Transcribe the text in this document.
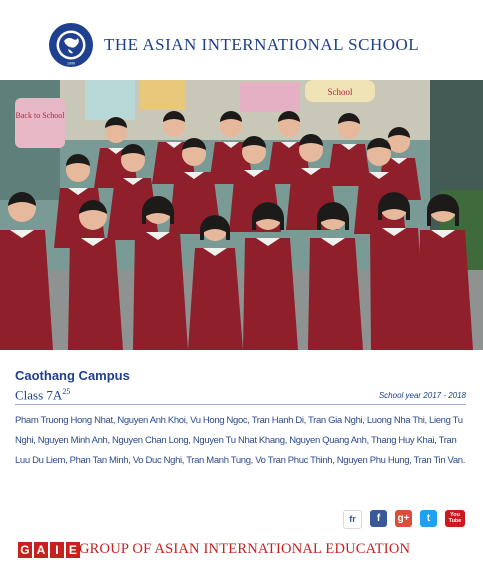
1999
THE ASIAN INTERNATIONAL SCHOOL
Back to School
School
Caothang Campus
Class $7A^{25}$	School year 2017 - 2018
Pham Truong Hong Nhat, Nguyen Anh Khoi, Vu Hong Ngoc, Tran Hanh Di, Tran Gia Nghi, Luong Nha Thi, Lieng Tu Nghi, Nguyen Minh Anh, Nguyen Chan Long, Nguyen Tu Nhat Khang, Nguyen Quang Anh, Thang Huy Khai, Tran Luu Du Liem, Phan Tan Minh, Vo Duc Nghi, Tran Manh Tung, Vo Tran Phuc Thinh, Nguyen Phu Hung, Tran Tin Van.
fr	f	g+	t	You Tube
G A I E GROUP OF ASIAN INTERNATIONAL EDUCATION
